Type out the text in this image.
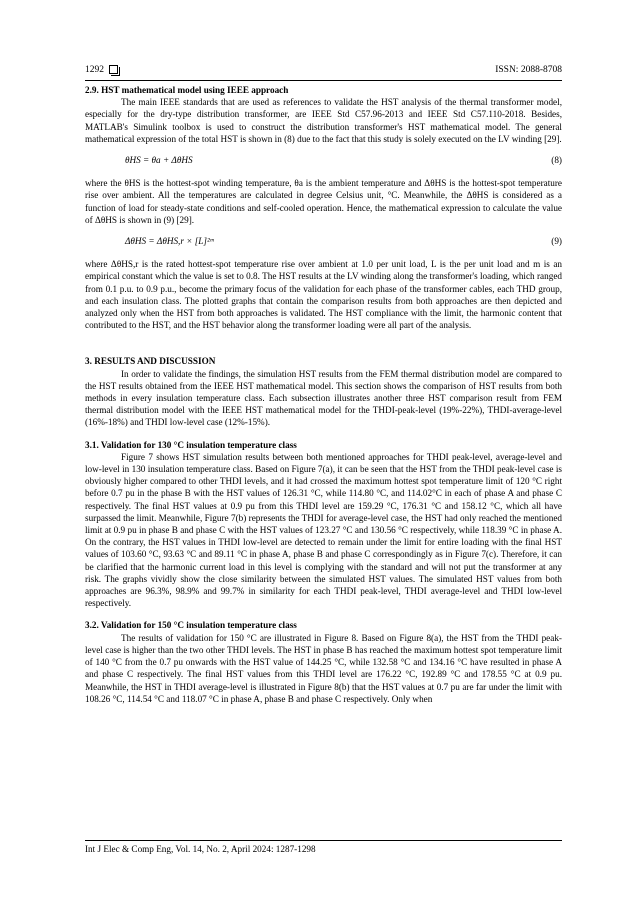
1292	ISSN: 2088-8708
2.9. HST mathematical model using IEEE approach

The main IEEE standards that are used as references to validate the HST analysis of the thermal transformer model, especially for the dry-type distribution transformer, are IEEE Std C57.96-2013 and IEEE Std C57.110-2018. Besides, MATLAB's Simulink toolbox is used to construct the distribution transformer's HST mathematical model. The general mathematical expression of the total HST is shown in (8) due to the fact that this study is solely executed on the LV winding [29].

θHS = θa + ΔθHS	(8)

where the θHS is the hottest-spot winding temperature, θa is the ambient temperature and ΔθHS is the hottest-spot temperature rise over ambient. All the temperatures are calculated in degree Celsius unit, °C. Meanwhile, the ΔθHS is considered as a function of load for steady-state conditions and self-cooled operation. Hence, the mathematical expression to calculate the value of ΔθHS is shown in (9) [29].

ΔθHS = ΔθHS,r × [L]²ᵐ	(9)

where ΔθHS,r is the rated hottest-spot temperature rise over ambient at 1.0 per unit load, L is the per unit load and m is an empirical constant which the value is set to 0.8. The HST results at the LV winding along the transformer's loading, which ranged from 0.1 p.u. to 0.9 p.u., become the primary focus of the validation for each phase of the transformer cables, each THD group, and each insulation class. The plotted graphs that contain the comparison results from both approaches are then depicted and analyzed only when the HST from both approaches is validated. The HST compliance with the limit, the harmonic content that contributed to the HST, and the HST behavior along the transformer loading were all part of the analysis.

3. RESULTS AND DISCUSSION

In order to validate the findings, the simulation HST results from the FEM thermal distribution model are compared to the HST results obtained from the IEEE HST mathematical model. This section shows the comparison of HST results from both methods in every insulation temperature class. Each subsection illustrates another three HST comparison result from FEM thermal distribution model with the IEEE HST mathematical model for the THDI-peak-level (19%-22%), THDI-average-level (16%-18%) and THDI low-level case (12%-15%).

3.1. Validation for 130 °C insulation temperature class

Figure 7 shows HST simulation results between both mentioned approaches for THDI peak-level, average-level and low-level in 130 insulation temperature class. Based on Figure 7(a), it can be seen that the HST from the THDI peak-level case is obviously higher compared to other THDI levels, and it had crossed the maximum hottest spot temperature limit of 120 °C right before 0.7 pu in the phase B with the HST values of 126.31 °C, while 114.80 °C, and 114.02°C in each of phase A and phase C respectively. The final HST values at 0.9 pu from this THDI level are 159.29 °C, 176.31 °C and 158.12 °C, which all have surpassed the limit. Meanwhile, Figure 7(b) represents the THDI for average-level case, the HST had only reached the mentioned limit at 0.9 pu in phase B and phase C with the HST values of 123.27 °C and 130.56 °C respectively, while 118.39 °C in phase A. On the contrary, the HST values in THDI low-level are detected to remain under the limit for entire loading with the final HST values of 103.60 °C, 93.63 °C and 89.11 °C in phase A, phase B and phase C correspondingly as in Figure 7(c). Therefore, it can be clarified that the harmonic current load in this level is complying with the standard and will not put the transformer at any risk. The graphs vividly show the close similarity between the simulated HST values. The simulated HST values from both approaches are 96.3%, 98.9% and 99.7% in similarity for each THDI peak-level, THDI average-level and THDI low-level respectively.

3.2. Validation for 150 °C insulation temperature class

The results of validation for 150 °C are illustrated in Figure 8. Based on Figure 8(a), the HST from the THDI peak-level case is higher than the two other THDI levels. The HST in phase B has reached the maximum hottest spot temperature limit of 140 °C from the 0.7 pu onwards with the HST value of 144.25 °C, while 132.58 °C and 134.16 °C have resulted in phase A and phase C respectively. The final HST values from this THDI level are 176.22 °C, 192.89 °C and 178.55 °C at 0.9 pu. Meanwhile, the HST in THDI average-level is illustrated in Figure 8(b) that the HST values at 0.7 pu are far under the limit with 108.26 °C, 114.54 °C and 118.07 °C in phase A, phase B and phase C respectively. Only when

Int J Elec & Comp Eng, Vol. 14, No. 2, April 2024: 1287-1298
